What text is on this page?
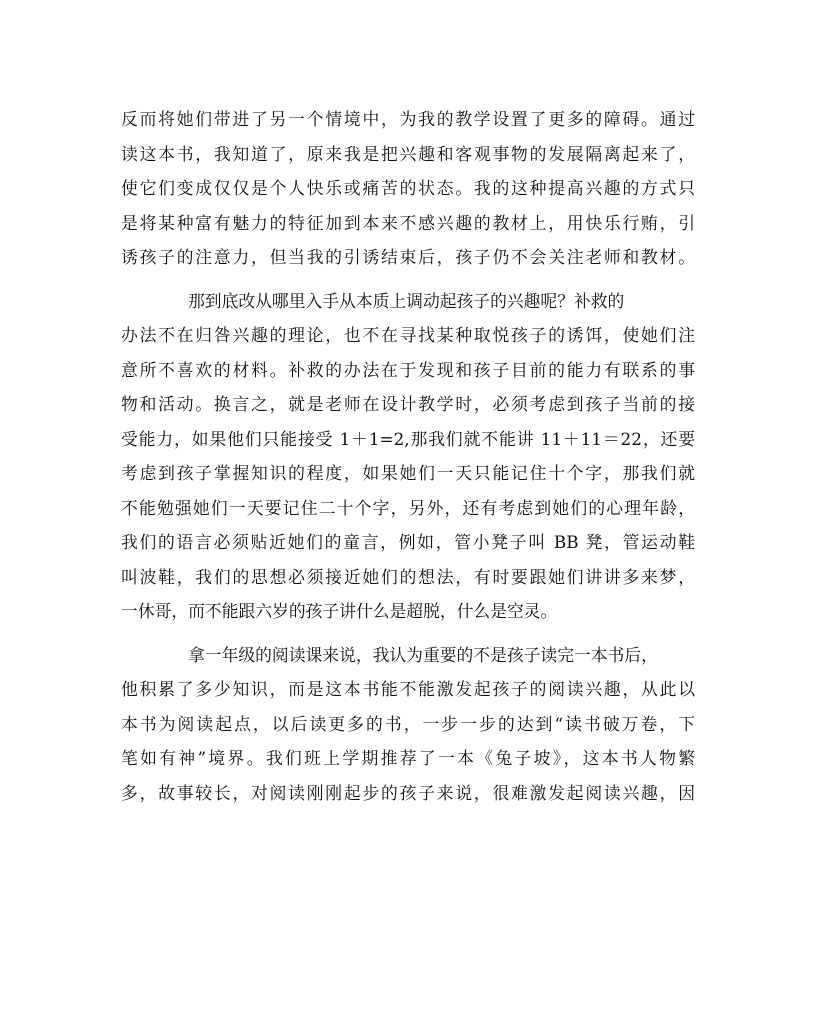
反而将她们带进了另一个情境中，为我的教学设置了更多的障碍。通过
读这本书，我知道了，原来我是把兴趣和客观事物的发展隔离起来了，
使它们变成仅仅是个人快乐或痛苦的状态。我的这种提高兴趣的方式只
是将某种富有魅力的特征加到本来不感兴趣的教材上，用快乐行贿，引
诱孩子的注意力，但当我的引诱结束后，孩子仍不会关注老师和教材。
那到底改从哪里入手从本质上调动起孩子的兴趣呢？补救的
办法不在归咎兴趣的理论，也不在寻找某种取悦孩子的诱饵，使她们注
意所不喜欢的材料。补救的办法在于发现和孩子目前的能力有联系的事
物和活动。换言之，就是老师在设计教学时，必须考虑到孩子当前的接
受能力，如果他们只能接受 1＋1=2,那我们就不能讲 11＋11＝22，还要
考虑到孩子掌握知识的程度，如果她们一天只能记住十个字，那我们就
不能勉强她们一天要记住二十个字，另外，还有考虑到她们的心理年龄，
我们的语言必须贴近她们的童言，例如，管小凳子叫 BB 凳，管运动鞋
叫波鞋，我们的思想必须接近她们的想法，有时要跟她们讲讲多来梦，
一休哥，而不能跟六岁的孩子讲什么是超脱，什么是空灵。
拿一年级的阅读课来说，我认为重要的不是孩子读完一本书后，
他积累了多少知识，而是这本书能不能激发起孩子的阅读兴趣，从此以
本书为阅读起点，以后读更多的书，一步一步的达到“读书破万卷，下
笔如有神”境界。我们班上学期推荐了一本《兔子坡》，这本书人物繁
多，故事较长，对阅读刚刚起步的孩子来说，很难激发起阅读兴趣，因
